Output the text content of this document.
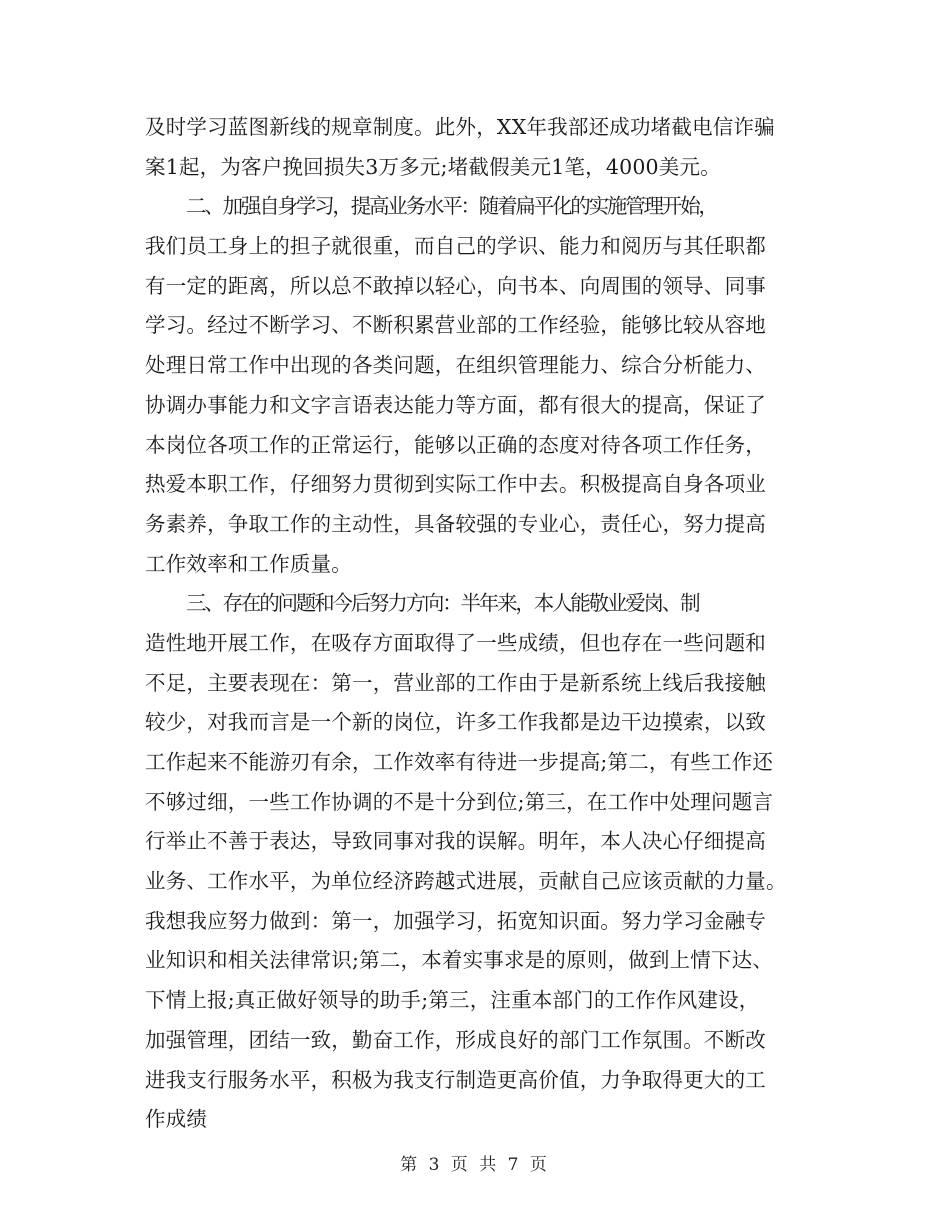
及时学习蓝图新线的规章制度。此外，XX年我部还成功堵截电信诈骗
案1起，为客户挽回损失3万多元;堵截假美元1笔，4000美元。
二、加强自身学习，提高业务水平：随着扁平化的实施管理开始，
我们员工身上的担子就很重，而自己的学识、能力和阅历与其任职都
有一定的距离，所以总不敢掉以轻心，向书本、向周围的领导、同事
学习。经过不断学习、不断积累营业部的工作经验，能够比较从容地
处理日常工作中出现的各类问题，在组织管理能力、综合分析能力、
协调办事能力和文字言语表达能力等方面，都有很大的提高，保证了
本岗位各项工作的正常运行，能够以正确的态度对待各项工作任务，
热爱本职工作，仔细努力贯彻到实际工作中去。积极提高自身各项业
务素养，争取工作的主动性，具备较强的专业心，责任心，努力提高
工作效率和工作质量。
三、存在的问题和今后努力方向：半年来，本人能敬业爱岗、制
造性地开展工作，在吸存方面取得了一些成绩，但也存在一些问题和
不足，主要表现在：第一，营业部的工作由于是新系统上线后我接触
较少，对我而言是一个新的岗位，许多工作我都是边干边摸索，以致
工作起来不能游刃有余，工作效率有待进一步提高;第二，有些工作还
不够过细，一些工作协调的不是十分到位;第三，在工作中处理问题言
行举止不善于表达，导致同事对我的误解。明年，本人决心仔细提高
业务、工作水平，为单位经济跨越式进展，贡献自己应该贡献的力量。
我想我应努力做到：第一，加强学习，拓宽知识面。努力学习金融专
业知识和相关法律常识;第二，本着实事求是的原则，做到上情下达、
下情上报;真正做好领导的助手;第三，注重本部门的工作作风建设，
加强管理，团结一致，勤奋工作，形成良好的部门工作氛围。不断改
进我支行服务水平，积极为我支行制造更高价值，力争取得更大的工
作成绩
第 3 页 共 7 页
